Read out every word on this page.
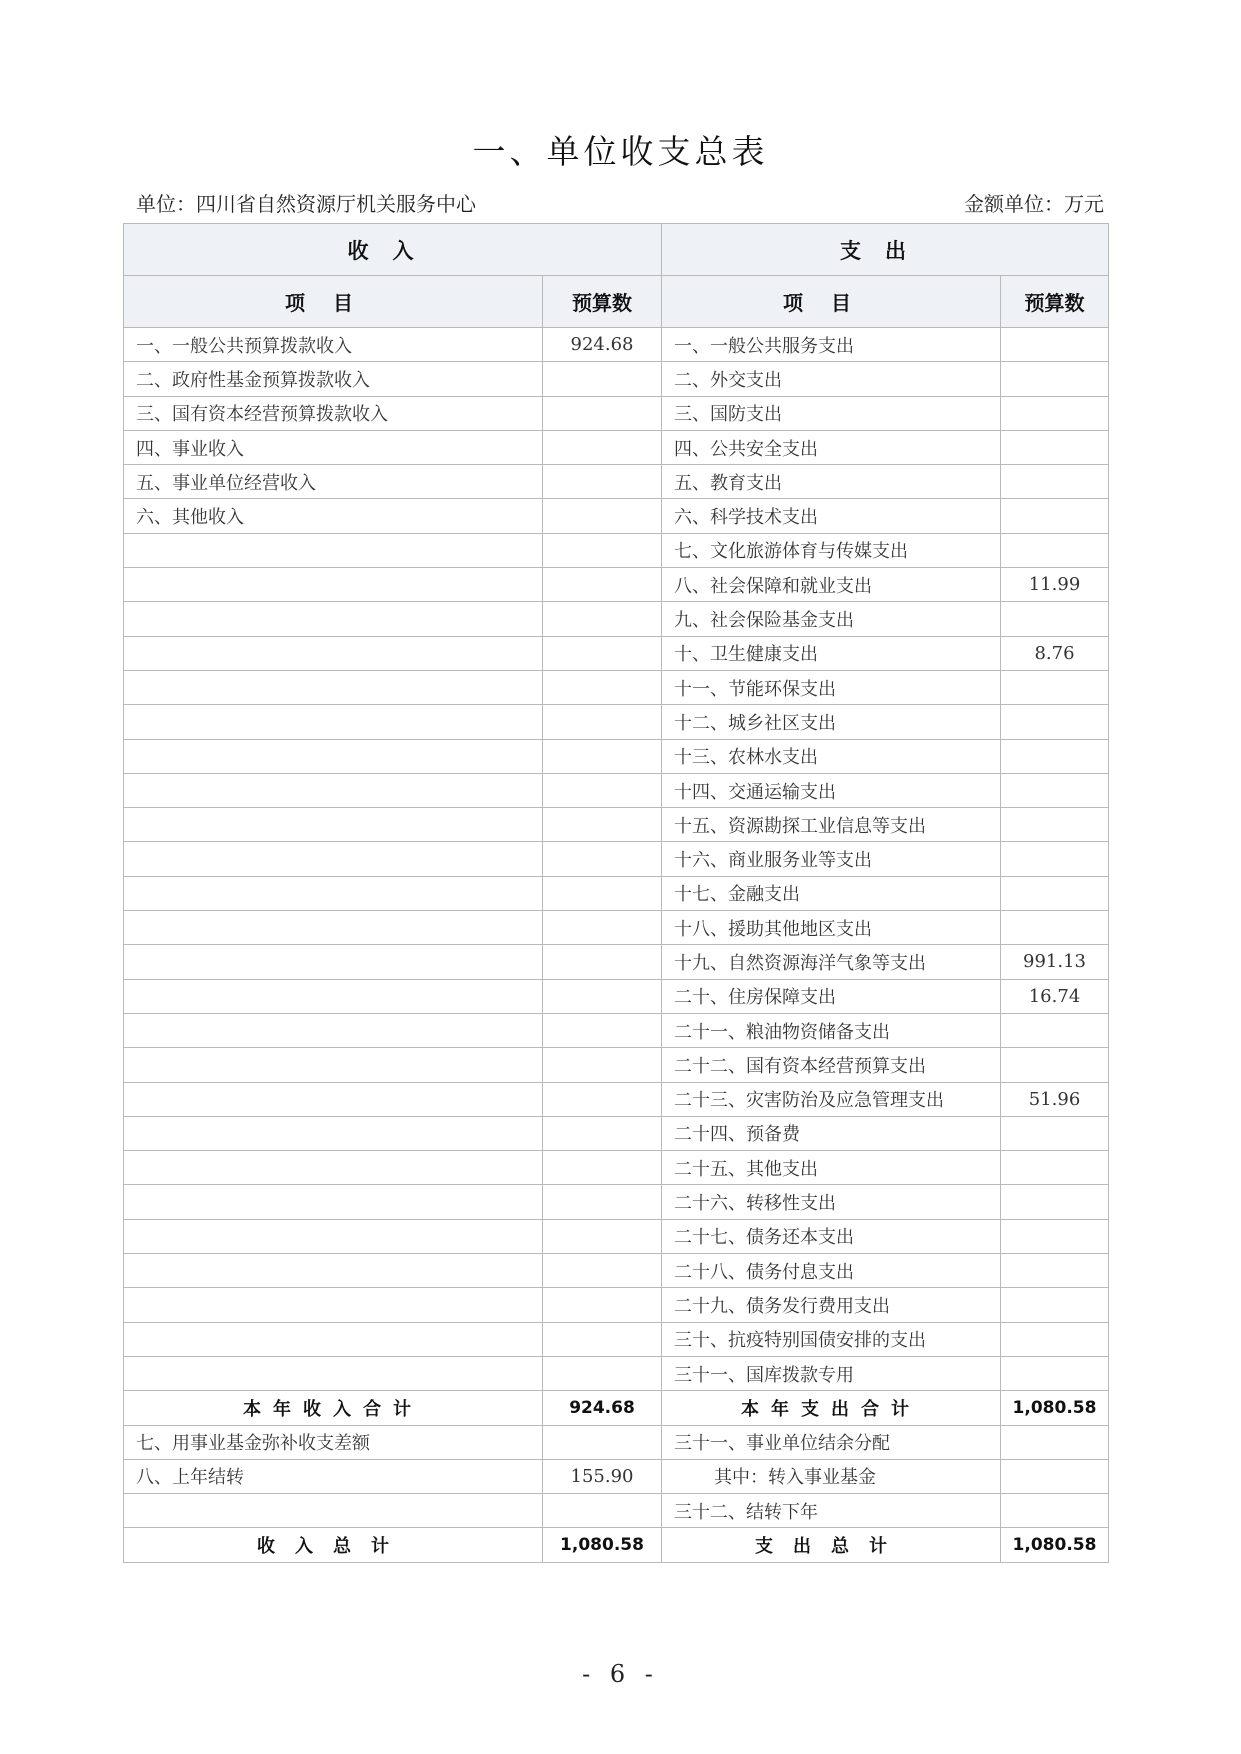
一、单位收支总表
单位：四川省自然资源厅机关服务中心	金额单位：万元
收入		支出	
项目	预算数	项目	预算数
一、一般公共预算拨款收入	924.68	一、一般公共服务支出	
二、政府性基金预算拨款收入		二、外交支出	
三、国有资本经营预算拨款收入		三、国防支出	
四、事业收入		四、公共安全支出	
五、事业单位经营收入		五、教育支出	
六、其他收入		六、科学技术支出	
		七、文化旅游体育与传媒支出	
		八、社会保障和就业支出	11.99
		九、社会保险基金支出	
		十、卫生健康支出	8.76
		十一、节能环保支出	
		十二、城乡社区支出	
		十三、农林水支出	
		十四、交通运输支出	
		十五、资源勘探工业信息等支出	
		十六、商业服务业等支出	
		十七、金融支出	
		十八、援助其他地区支出	
		十九、自然资源海洋气象等支出	991.13
		二十、住房保障支出	16.74
		二十一、粮油物资储备支出	
		二十二、国有资本经营预算支出	
		二十三、灾害防治及应急管理支出	51.96
		二十四、预备费	
		二十五、其他支出	
		二十六、转移性支出	
		二十七、债务还本支出	
		二十八、债务付息支出	
		二十九、债务发行费用支出	
		三十、抗疫特别国债安排的支出	
		三十一、国库拨款专用	
本年收入合计	924.68	本年支出合计	1,080.58
七、用事业基金弥补收支差额		三十一、事业单位结余分配	
八、上年结转	155.90	其中：转入事业基金	
		三十二、结转下年	
收入总计	1,080.58	支出总计	1,080.58
- 6 -
